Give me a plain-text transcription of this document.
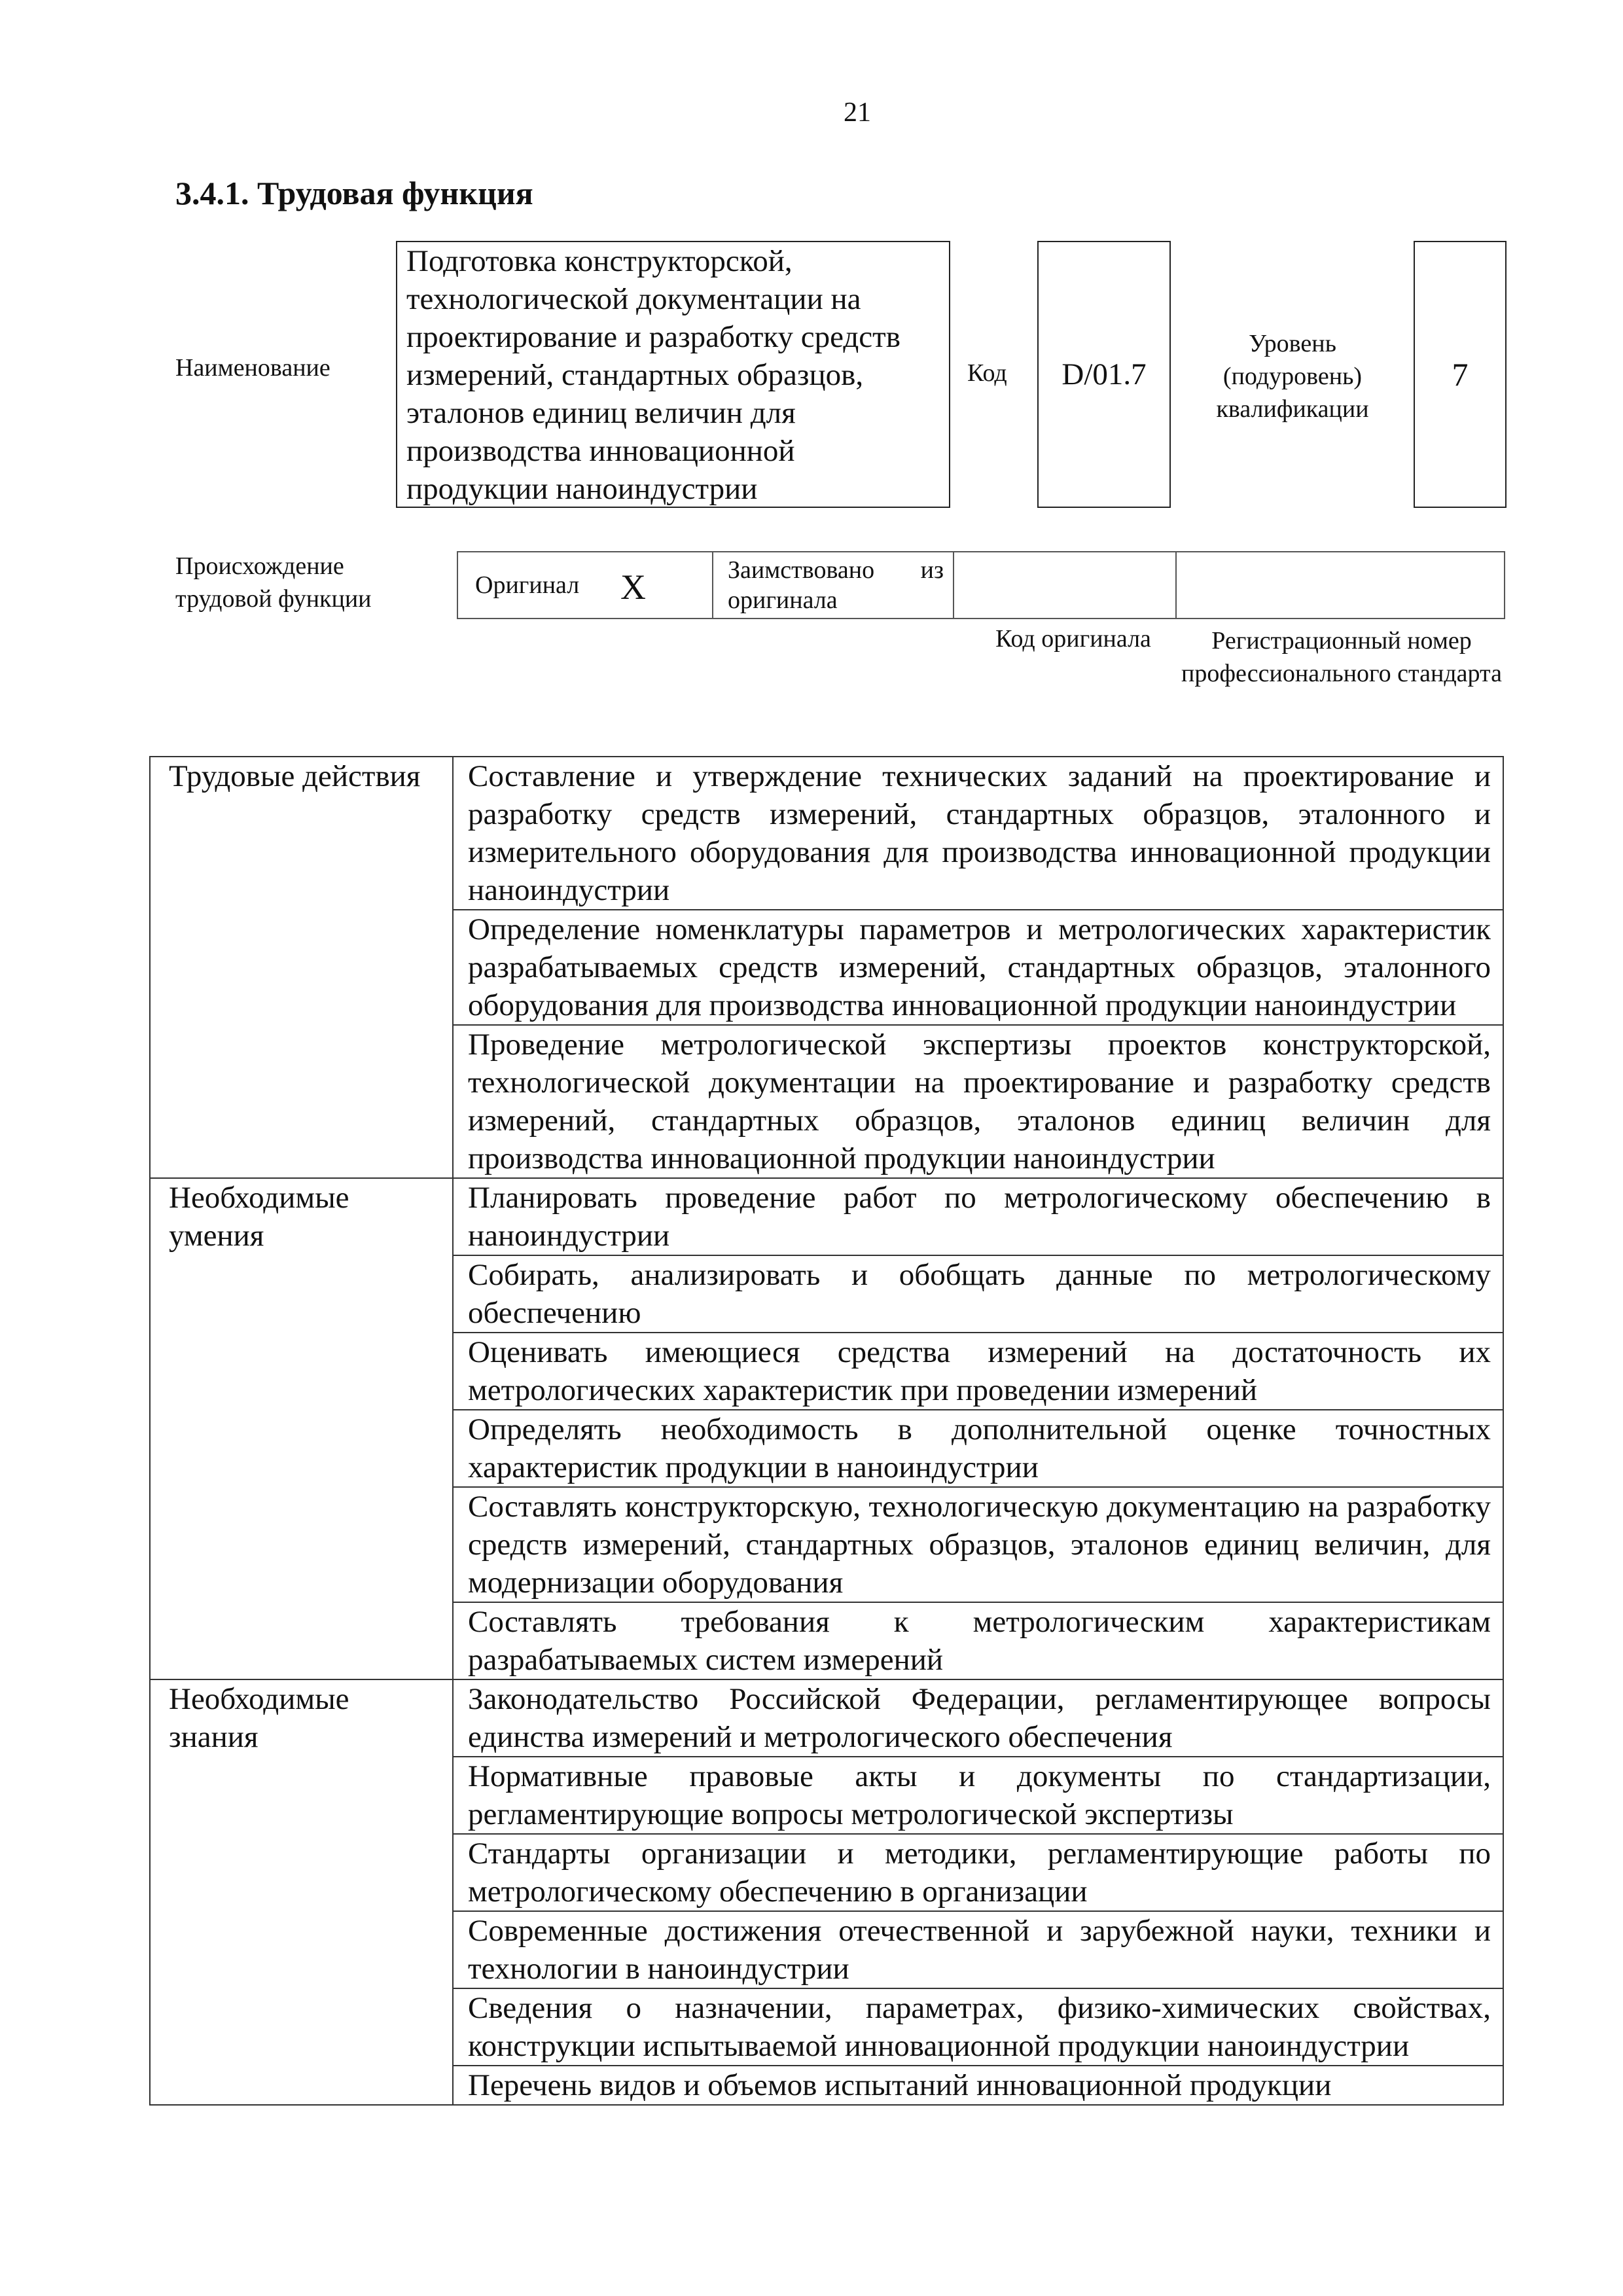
21
3.4.1. Трудовая функция
Наименование
Подготовка конструкторской, технологической документации на проектирование и разработку средств измерений, стандартных образцов, эталонов единиц величин для производства инновационной продукции наноиндустрии
Код D/01.7
Уровень (подуровень) квалификации
7
Происхождение трудовой функции	Оригинал X	Заимствовано из оригинала
Код оригинала	Регистрационный номер профессионального стандарта
Трудовые действия	Составление и утверждение технических заданий на проектирование и разработку средств измерений, стандартных образцов, эталонного и измерительного оборудования для производства инновационной продукции наноиндустрии
	Определение номенклатуры параметров и метрологических характеристик разрабатываемых средств измерений, стандартных образцов, эталонного оборудования для производства инновационной продукции наноиндустрии
	Проведение метрологической экспертизы проектов конструкторской, технологической документации на проектирование и разработку средств измерений, стандартных образцов, эталонов единиц величин для производства инновационной продукции наноиндустрии
Необходимые умения	Планировать проведение работ по метрологическому обеспечению в наноиндустрии
	Собирать, анализировать и обобщать данные по метрологическому обеспечению
	Оценивать имеющиеся средства измерений на достаточность их метрологических характеристик при проведении измерений
	Определять необходимость в дополнительной оценке точностных характеристик продукции в наноиндустрии
	Составлять конструкторскую, технологическую документацию на разработку средств измерений, стандартных образцов, эталонов единиц величин, для модернизации оборудования
	Составлять требования к метрологическим характеристикам разрабатываемых систем измерений
Необходимые знания	Законодательство Российской Федерации, регламентирующее вопросы единства измерений и метрологического обеспечения
	Нормативные правовые акты и документы по стандартизации, регламентирующие вопросы метрологической экспертизы
	Стандарты организации и методики, регламентирующие работы по метрологическому обеспечению в организации
	Современные достижения отечественной и зарубежной науки, техники и технологии в наноиндустрии
	Сведения о назначении, параметрах, физико-химических свойствах, конструкции испытываемой инновационной продукции наноиндустрии
	Перечень видов и объемов испытаний инновационной продукции
